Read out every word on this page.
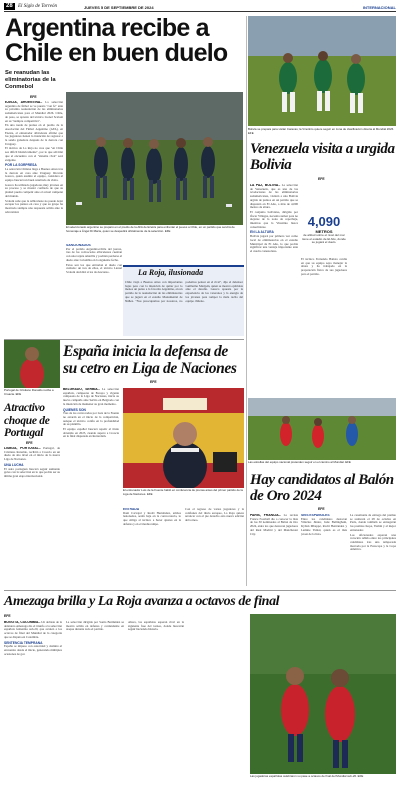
28	El Siglo de Torreón	JUEVES 5 DE SEPTIEMBRE DE 2024	INTERNACIONAL
Argentina recibe a Chile en buen duelo
Se reanudan las eliminatorias de la Conmebol
EFE
EZEIZA, ARGENTINA.- La selección argentina de fútbol se ve puesta "con fe" ante su próxima reanudación de las eliminatorias sudamericanas para el Mundial 2026. Chile, de paso, se apresta del técnico Lionel Scaloni en su "siempre competitiva".

En una rueda de prensa en el predio de la Asociación del Fútbol Argentino (AFA), en Ezeiza, el entrenador albiceleste afirmó que los jugadores tienen la intención de regresar a la senda ganadora después de la derrota con Uruguay.

El técnico de La Roja no cree que "en Chile sea difícil históricamente", por lo que advirtió que el encuentro con el "sistema rival" será exigente.

POR LA SORPRESA

La selección Chilena llega a Buenos Aires tras la derrota en casa ante Uruguay. Ricardo Gareca, quien asumió el equipo, considera el equipo buscará un buen resultado de visita.

Gareca ha utilizado jugadores muy jóvenes en su proceso y se mostró confiado de que su plantel pueda competir ante el actual campeón del mundo.

Scaloni sabe que la Albiceleste no puede dejar escapar los puntos en casa y que su grupo ha mostrado siempre una respuesta sólida ante la adversidad.

El seleccionado argentino se preparó en el predio de la AFA de Ezeiza para enfrentar el jueves a Chile, en un partido que servirá de homenaje a Ángel Di María, quien se despedirá oficialmente de la selección. EFE

SANCIONADOS

Por el partido Argentina-Chile del jueves, tres de los convocados albicelestes cuentan con una tarjeta amarilla y podrían perderse el duelo ante Colombia en la siguiente fecha.

Estos son los que entrarían al duelo con cuidado: un tres de ellos, el técnico Lionel Scaloni decidirá si les da descanso.	La Roja, ilusionada
Chile viajó a Buenos Aires con importantes bajas pero con la intención de quitar por lo menos un punto a la favorita Argentina, en un partido de la reanudación de las eliminatorias que se jugará en el estadio Monumental de Núñez. "Nos preocupamos por nosotros, no podemos pensar en el rival", dijo el defensor Guillermo Maripán, quien se mostró optimista ante el desafío. Gareca apuesta por la experiencia de los veteranos y la energía de los jóvenes para romper la mala racha del equipo chileno.
Bolivia se prepara para visitar Caracas; la Vinotinto quiere seguir en zona de clasificación directa al Mundial 2026. EFE
Venezuela visita a urgida Bolivia
EFE
LA PAZ, BOLIVIA.- La selección de Venezuela, que es una de las revelaciones de las eliminatorias sudamericanas, visitará a una Bolivia urgida de puntos en un partido que se disputará en El Alto, a más de 4,000 metros de altura.

El conjunto boliviano, dirigido por Óscar Villegas, necesita sumar para no alejarse de la zona de repechaje, mientras que la Vinotinto busca consolidarse.

EN LA ALTURA

Bolivia jugará por primera vez como local de eliminatorias en el estadio Municipal de El Alto, lo que podría significar una ventaja importante ante el cuadro venezolano.

4,090
METROS
de altitud sobre el nivel del mar tiene el estadio de El Alto, donde se jugará el duelo.

El técnico Fernando Batista confía en que su equipo sepa manejar la altura y ha trabajado en la preparación física de sus jugadores para el partido.

Las estrellas del equipo nacional pretenden seguir en el camino al Mundial. EFE
España inicia la defensa de su cetro en Liga de Naciones
EFE
BELGRADO, SERBIA.- La selección española, campeona de Europa y vigente campeona de la Liga de Naciones, inicia su nueva campaña ante Serbia en Belgrado con la intención de mantener su gran momento.

QUIENES SON

Tres de los convocados por Luis de la Fuente no estarán en el inicio de la competición, aunque el técnico confía en la profundidad de su plantilla.

El equipo español buscará repetir el título obtenido en 2023, cuando superó a Croacia en la final disputada en Rotterdam.

El entrenador Luis de la Fuente habló en conferencia de prensa antes del primer partido de la Liga de Naciones. EFE

ENTRADA

Dani Carvajal y Rodri Hernández, ambos lesionados, serán baja en la convocatoria, lo que obliga al técnico a hacer ajustes en la defensa y en el mediocampo.

Con el regreso de varios jugadores y la confianza del título europeo, La Roja quiere arrancar con el pie derecho esta nueva edición del torneo.

Portugal de Cristiano Ronaldo recibe a Croacia. EFE
Atractivo choque de Portugal
EFE
LISBOA, PORTUGAL.- Portugal, de Cristiano Ronaldo, recibirá a Croacia en un duelo de alto nivel en el inicio de la nueva Liga de Naciones.

UNA LUCHA

El astro portugués buscará seguir sumando goles con la selección en lo que podría ser su última gran etapa internacional.	Hay candidatos al Balón de Oro 2024
EFE
PARÍS, FRANCIA.- La revista France Football dio a conocer la lista de los 30 nominados al Balón de Oro 2024, entre los que destacan jugadores del Real Madrid y del Manchester City.

SEIS ESPAÑOLES

Entre los candidatos destacan Vinícius Júnior, Jude Bellingham, Kylian Mbappé, Rodri Hernández y Lamine Yamal, quien es el más joven de la lista.

La ceremonia de entrega del premio se realizará el 28 de octubre en París, donde también se entregarán los premios Kopa, Yashin y al mejor entrenador.

Los aficionados esperan una votación reñida entre los principales candidatos tras una temporada marcada por la Eurocopa y la Copa América.

Amezaga brilla y La Roja avanza a octavos de final
EFE
BOGOTÁ, COLOMBIA.- Un doblete de la delantera Amezaga dio el triunfo a la selección española femenina sub-20, que avanzó a los octavos de final del Mundial de la categoría que se disputa en Colombia.

SENTENCIA TEMPRANA

España se impuso con autoridad y dominó el encuentro desde el inicio, generando múltiples ocasiones de gol.

La selección dirigida por Sonia Bermúdez se mostró sólida en defensa y contundente en ataque durante todo el partido.

Ahora, las españolas esperan rival en la siguiente fase del torneo, donde buscarán seguir haciendo historia.

Las jugadoras españolas celebraron su pase a octavos de final del Mundial sub-20. EFE
